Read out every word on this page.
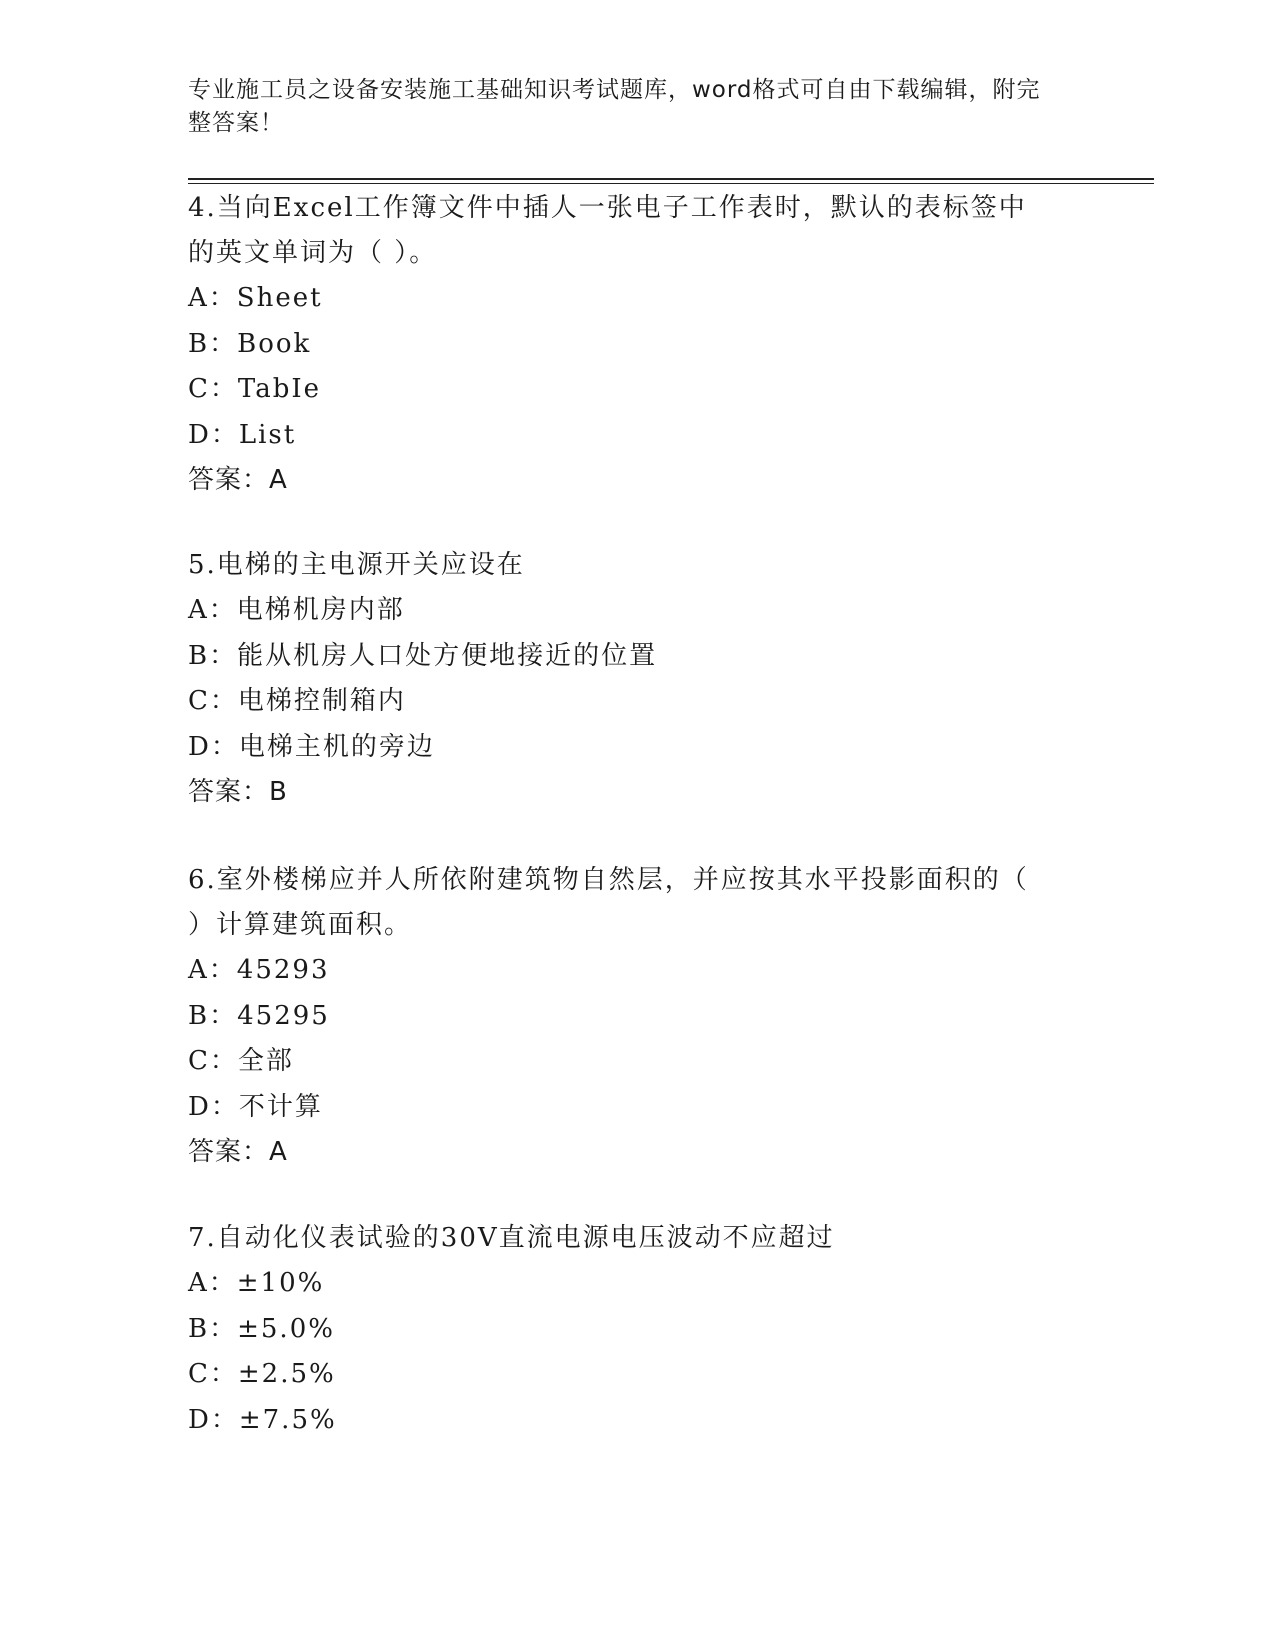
专业施工员之设备安装施工基础知识考试题库，word格式可自由下载编辑，附完
整答案！

4.当向Excel工作簿文件中插人一张电子工作表时，默认的表标签中

的英文单词为（ ）。

A：Sheet

B：Book

C：TabIe

D：List

答案：A

5.电梯的主电源开关应设在

A：电梯机房内部

B：能从机房人口处方便地接近的位置

C：电梯控制箱内

D：电梯主机的旁边

答案：B

6.室外楼梯应并人所依附建筑物自然层，并应按其水平投影面积的（

）计算建筑面积。

A：45293

B：45295

C：全部

D：不计算

答案：A

7.自动化仪表试验的30V直流电源电压波动不应超过

A：±10%

B：±5.0%

C：±2.5%

D：±7.5%
